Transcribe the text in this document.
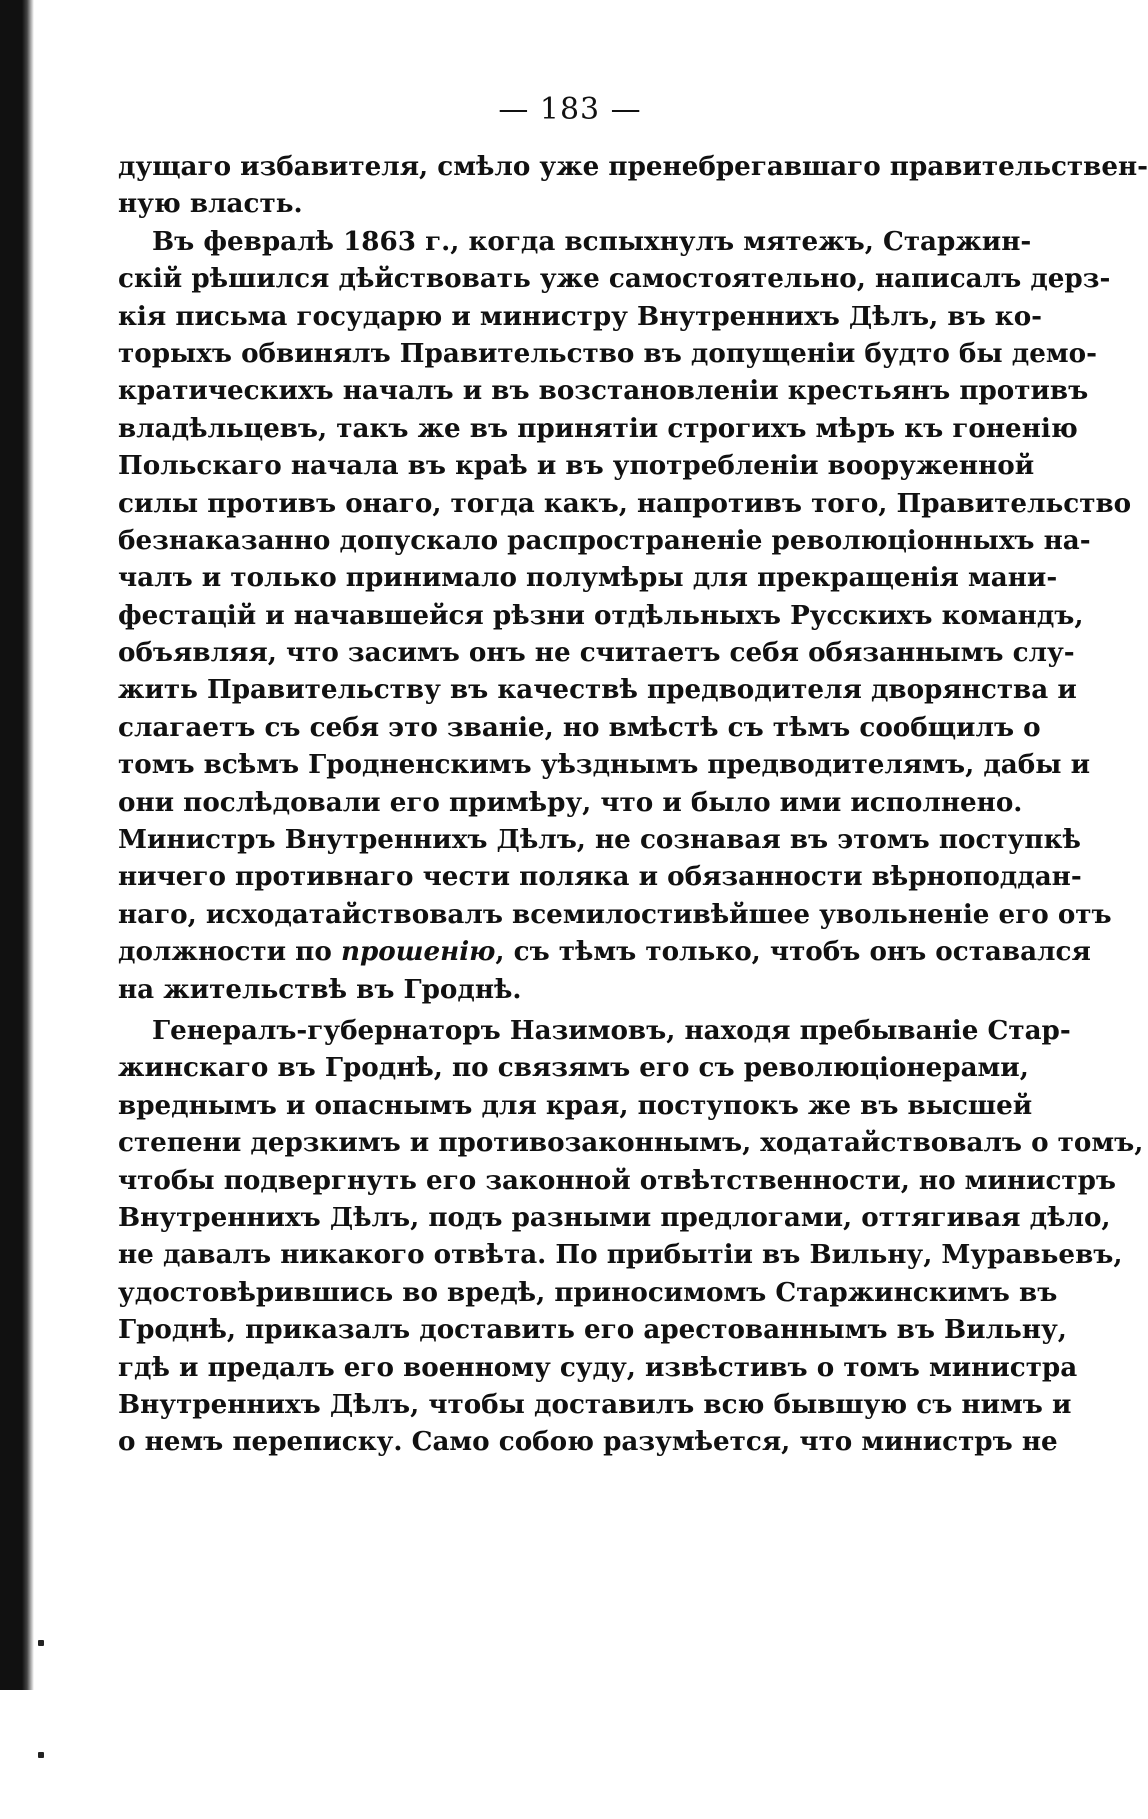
— 183 —
дущаго избавителя, смѣло уже пренебрегавшаго правительствен-
ную власть.
Въ февралѣ 1863 г., когда вспыхнулъ мятежъ, Старжин-
скій рѣшился дѣйствовать уже самостоятельно, написалъ дерз-
кія письма государю и министру Внутреннихъ Дѣлъ, въ ко-
торыхъ обвинялъ Правительство въ допущеніи будто бы демо-
кратическихъ началъ и въ возстановленіи крестьянъ противъ
владѣльцевъ, такъ же въ принятіи строгихъ мѣръ къ гоненію
Польскаго начала въ краѣ и въ употребленіи вооруженной
силы противъ онаго, тогда какъ, напротивъ того, Правительство
безнаказанно допускало распространеніе революціонныхъ на-
чалъ и только принимало полумѣры для прекращенія мани-
фестацій и начавшейся рѣзни отдѣльныхъ Русскихъ командъ,
объявляя, что засимъ онъ не считаетъ себя обязаннымъ слу-
жить Правительству въ качествѣ предводителя дворянства и
слагаетъ съ себя это званіе, но вмѣстѣ съ тѣмъ сообщилъ о
томъ всѣмъ Гродненскимъ уѣзднымъ предводителямъ, дабы и
они послѣдовали его примѣру, что и было ими исполнено.
Министръ Внутреннихъ Дѣлъ, не сознавая въ этомъ поступкѣ
ничего противнаго чести поляка и обязанности вѣрноподдан-
наго, исходатайствовалъ всемилостивѣйшее увольненіе его отъ
должности по прошенію, съ тѣмъ только, чтобъ онъ оставался
на жительствѣ въ Гроднѣ.
Генералъ-губернаторъ Назимовъ, находя пребываніе Стар-
жинскаго въ Гроднѣ, по связямъ его съ революціонерами,
вреднымъ и опаснымъ для края, поступокъ же въ высшей
степени дерзкимъ и противозаконнымъ, ходатайствовалъ о томъ,
чтобы подвергнуть его законной отвѣтственности, но министръ
Внутреннихъ Дѣлъ, подъ разными предлогами, оттягивая дѣло,
не давалъ никакого отвѣта. По прибытіи въ Вильну, Муравьевъ,
удостовѣрившись во вредѣ, приносимомъ Старжинскимъ въ
Гроднѣ, приказалъ доставить его арестованнымъ въ Вильну,
гдѣ и предалъ его военному суду, извѣстивъ о томъ министра
Внутреннихъ Дѣлъ, чтобы доставилъ всю бывшую съ нимъ и
о немъ переписку. Само собою разумѣется, что министръ не
